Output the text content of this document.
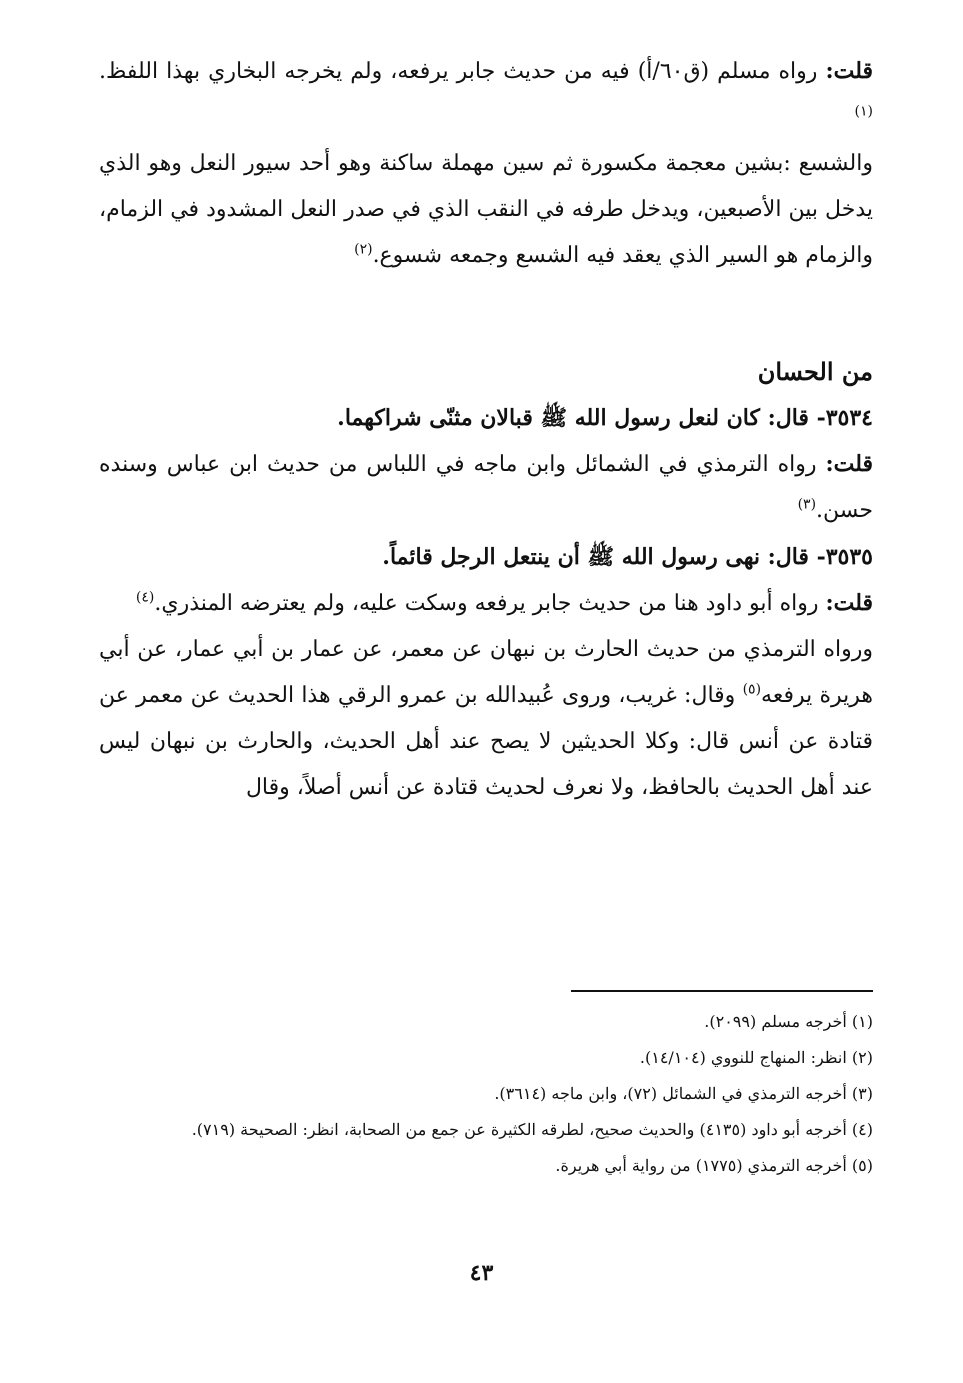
قلت: رواه مسلم (ق٦٠/أ) فيه من حديث جابر يرفعه، ولم يخرجه البخاري بهذا اللفظ.$^{(١)}$

والشسع :بشين معجمة مكسورة ثم سين مهملة ساكنة وهو أحد سيور النعل وهو الذي يدخل بين الأصبعين، ويدخل طرفه في النقب الذي في صدر النعل المشدود في الزمام، والزمام هو السير الذي يعقد فيه الشسع وجمعه شسوع.$^{(٢)}$

من الحسان

٣٥٣٤- قال: كان لنعل رسول الله ﷺ قبالان مثنّى شراكهما.

قلت: رواه الترمذي في الشمائل وابن ماجه في اللباس من حديث ابن عباس وسنده حسن.$^{(٣)}$

٣٥٣٥- قال: نهى رسول الله ﷺ أن ينتعل الرجل قائماً.

قلت: رواه أبو داود هنا من حديث جابر يرفعه وسكت عليه، ولم يعترضه المنذري.$^{(٤)}$

ورواه الترمذي من حديث الحارث بن نبهان عن معمر، عن عمار بن أبي عمار، عن أبي هريرة يرفعه$^{(٥)}$ وقال: غريب، وروى عُبيدالله بن عمرو الرقي هذا الحديث عن معمر عن قتادة عن أنس قال: وكلا الحديثين لا يصح عند أهل الحديث، والحارث بن نبهان ليس عند أهل الحديث بالحافظ، ولا نعرف لحديث قتادة عن أنس أصلاً، وقال

(١) أخرجه مسلم (٢٠٩٩).

(٢) انظر: المنهاج للنووي (١٤/١٠٤).

(٣) أخرجه الترمذي في الشمائل (٧٢)، وابن ماجه (٣٦١٤).

(٤) أخرجه أبو داود (٤١٣٥) والحديث صحيح، لطرقه الكثيرة عن جمع من الصحابة، انظر: الصحيحة (٧١٩).

(٥) أخرجه الترمذي (١٧٧٥) من رواية أبي هريرة.

٤٣
